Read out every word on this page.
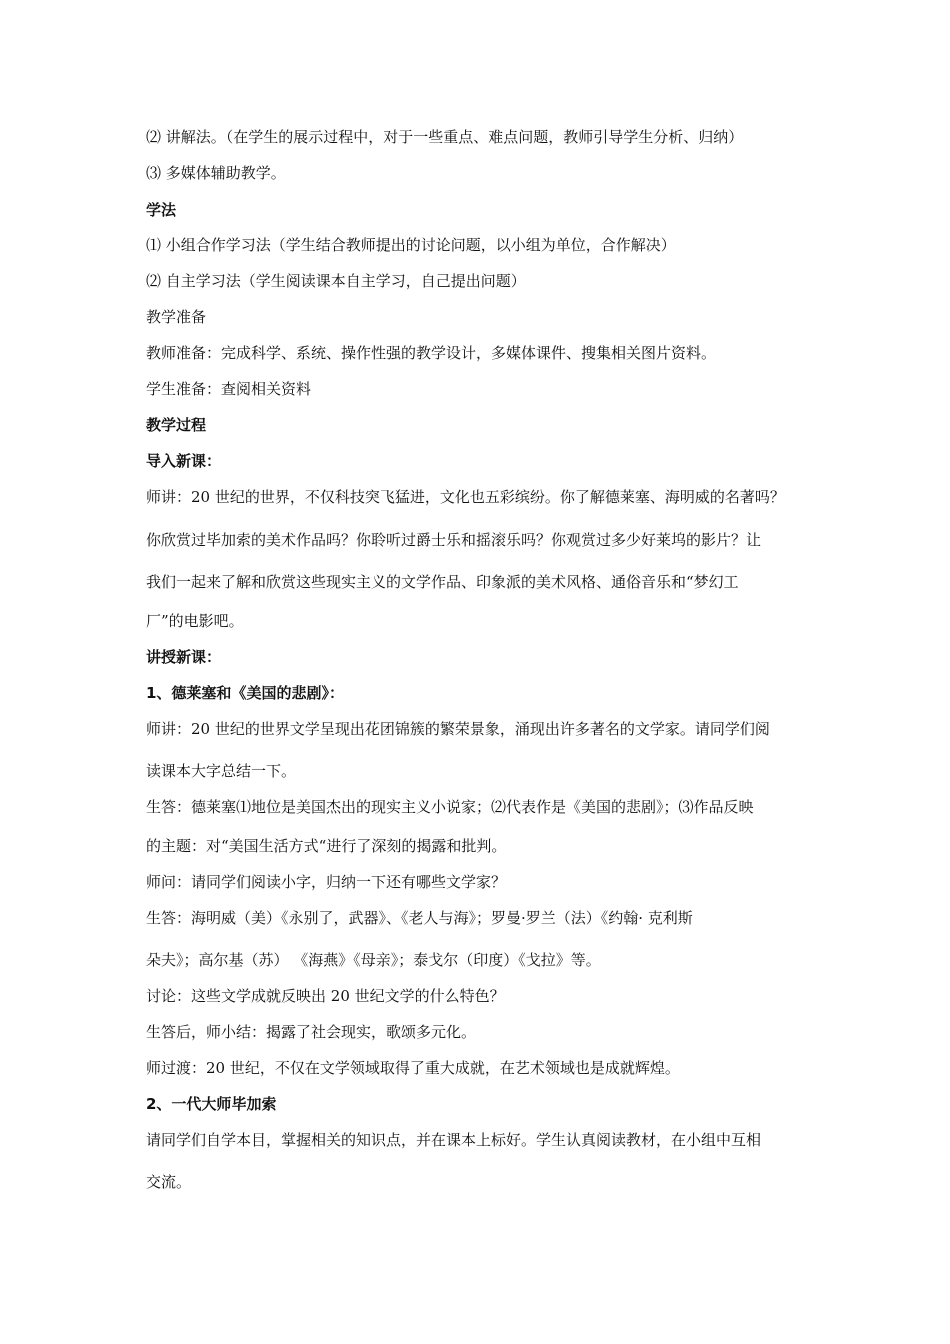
⑵ 讲解法。（在学生的展示过程中，对于一些重点、难点问题，教师引导学生分析、归纳）
⑶ 多媒体辅助教学。
学法
⑴ 小组合作学习法（学生结合教师提出的讨论问题，以小组为单位，合作解决）
⑵ 自主学习法（学生阅读课本自主学习，自己提出问题）
教学准备
教师准备：完成科学、系统、操作性强的教学设计，多媒体课件、搜集相关图片资料。
学生准备：查阅相关资料
教学过程
导入新课：
师讲：20 世纪的世界，不仅科技突飞猛进，文化也五彩缤纷。你了解德莱塞、海明威的名著吗？
你欣赏过毕加索的美术作品吗？你聆听过爵士乐和摇滚乐吗？你观赏过多少好莱坞的影片？让
我们一起来了解和欣赏这些现实主义的文学作品、印象派的美术风格、通俗音乐和“梦幻工
厂”的电影吧。
讲授新课：
1、德莱塞和《美国的悲剧》：
师讲：20 世纪的世界文学呈现出花团锦簇的繁荣景象，涌现出许多著名的文学家。请同学们阅
读课本大字总结一下。
生答：德莱塞⑴地位是美国杰出的现实主义小说家；⑵代表作是《美国的悲剧》；⑶作品反映
的主题：对“美国生活方式“进行了深刻的揭露和批判。
师问：请同学们阅读小字，归纳一下还有哪些文学家？
生答：海明威（美）《永别了，武器》、《老人与海》；罗曼·罗兰（法）《约翰· 克利斯
朵夫》；高尔基（苏） 《海燕》《母亲》；泰戈尔（印度）《戈拉》等。
讨论：这些文学成就反映出 20 世纪文学的什么特色？
生答后，师小结：揭露了社会现实，歌颂多元化。
师过渡：20 世纪，不仅在文学领域取得了重大成就，在艺术领域也是成就辉煌。
2、一代大师毕加索
请同学们自学本目，掌握相关的知识点，并在课本上标好。学生认真阅读教材，在小组中互相
交流。
